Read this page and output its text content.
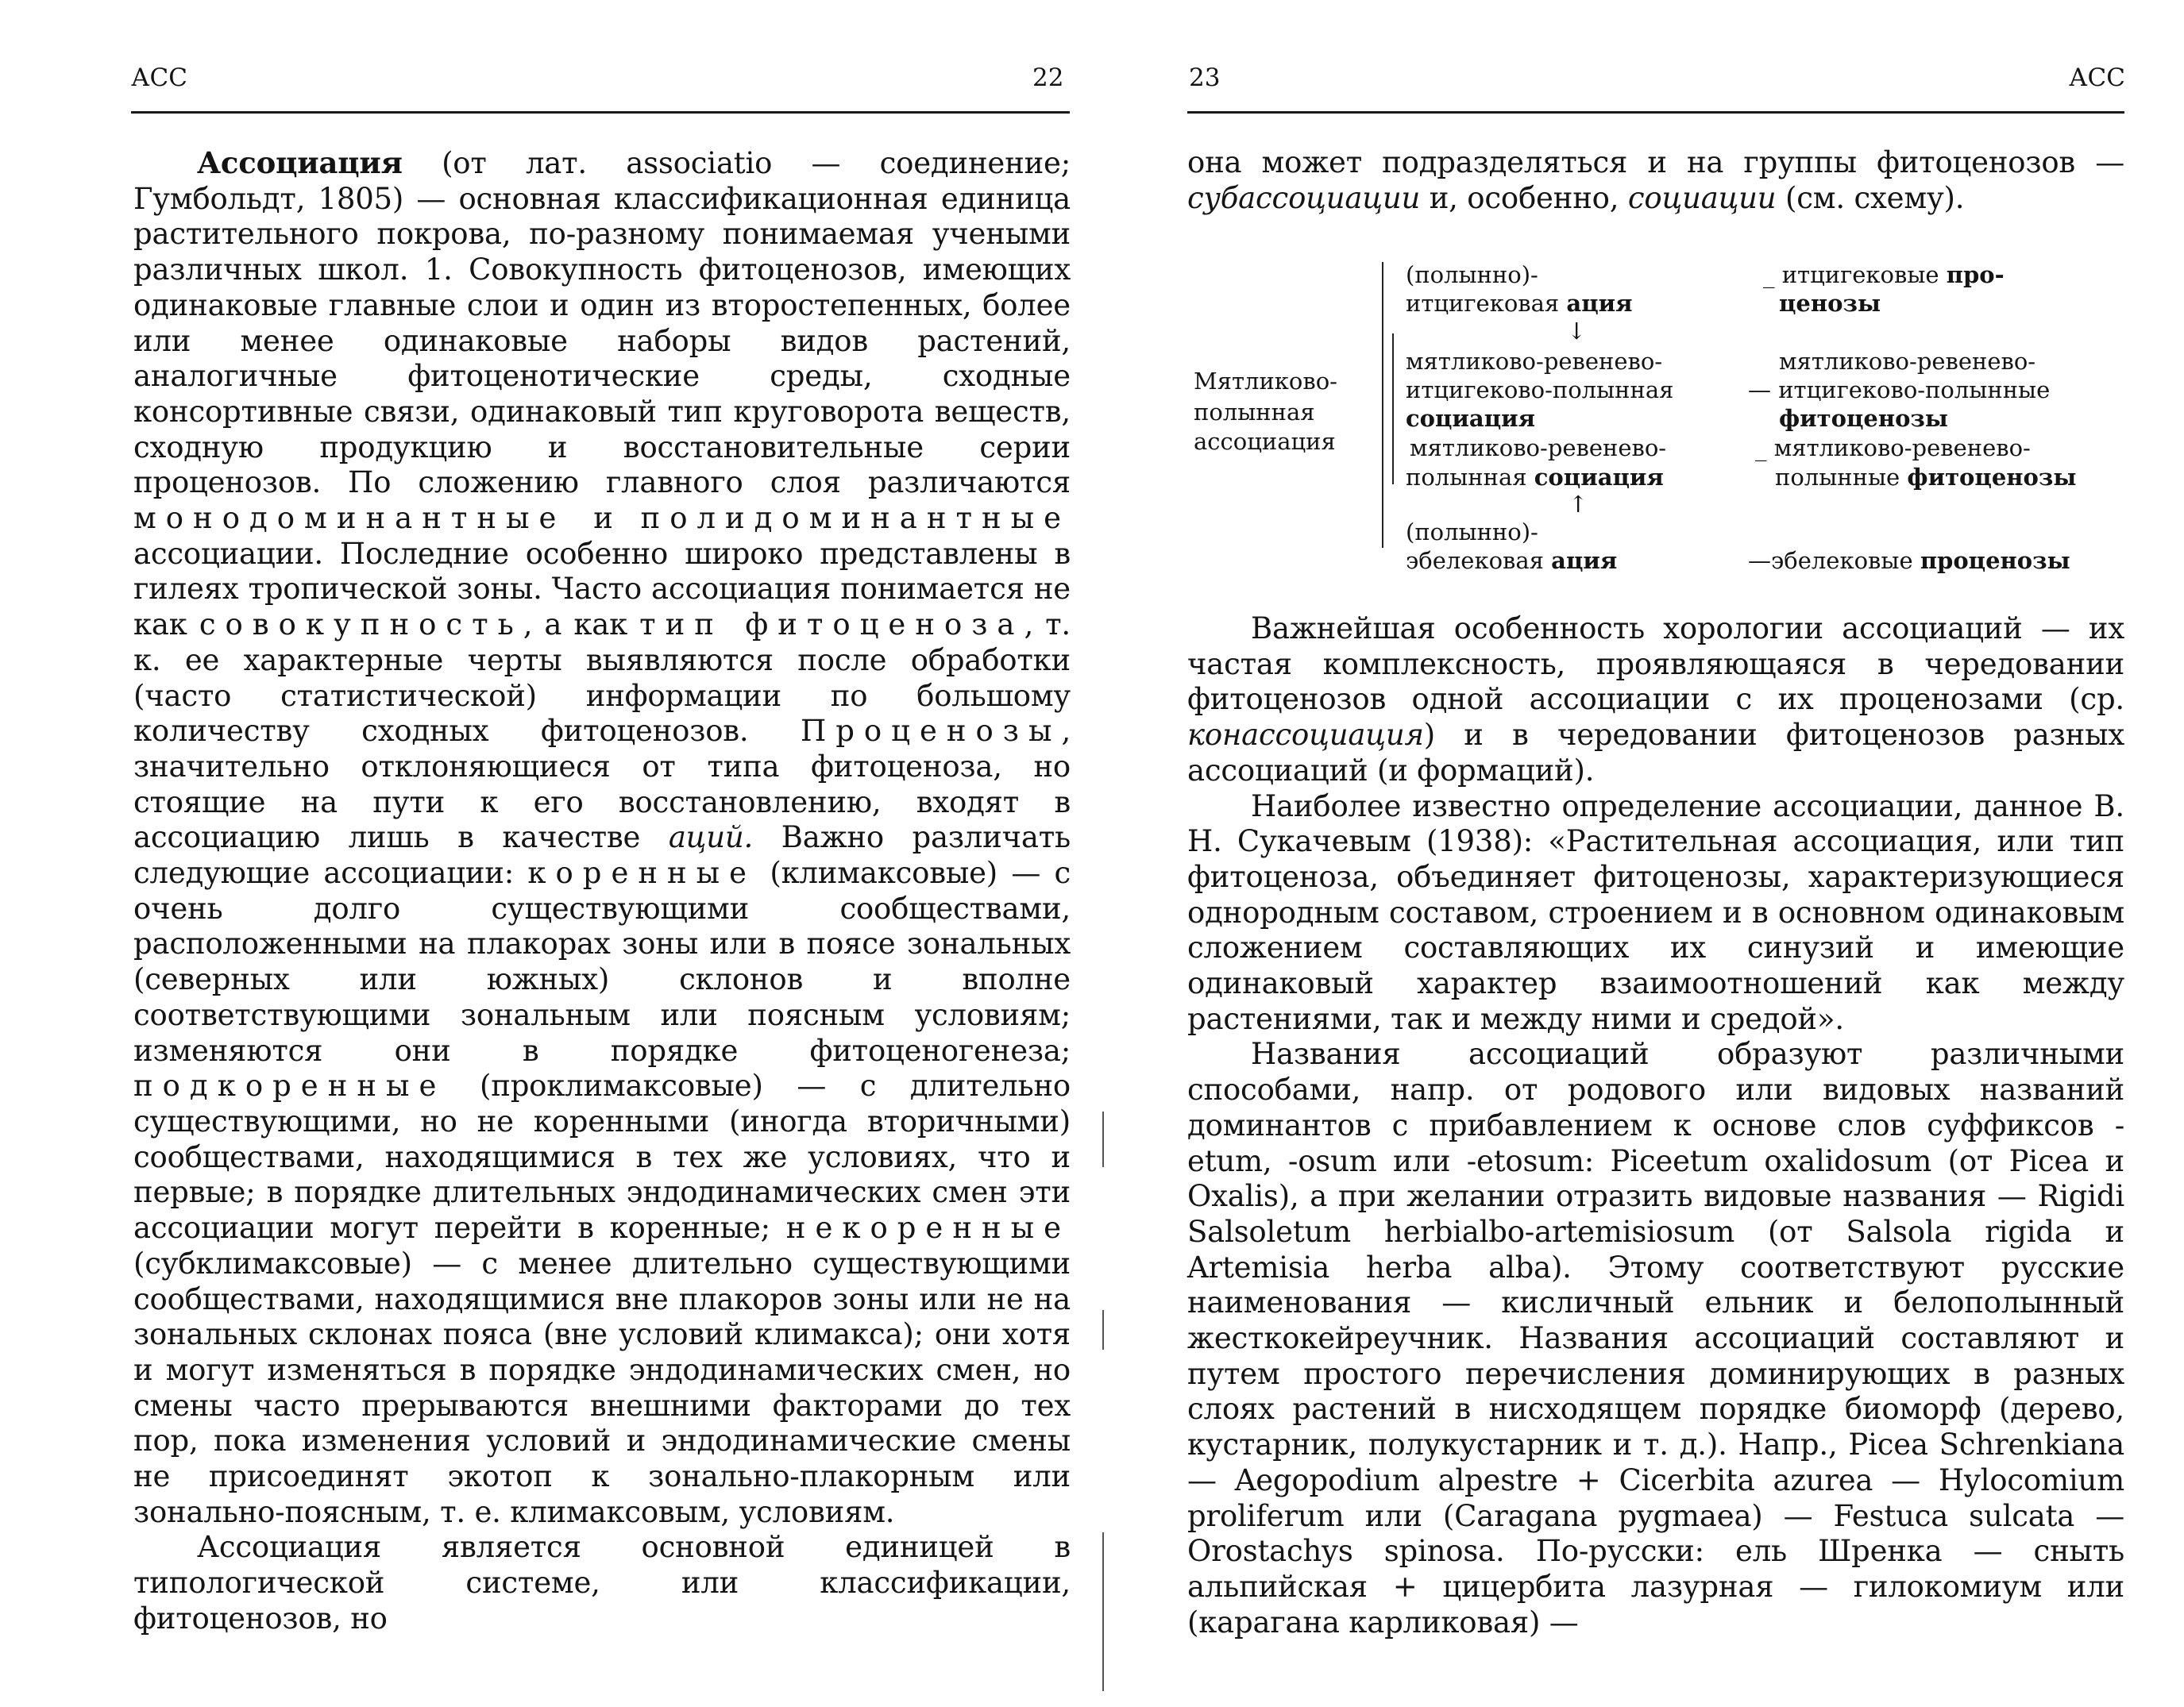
АСС	22

Ассоциация (от лат. associatio — соединение; Гумбольдт, 1805) — основная классификационная единица растительного покрова, по-разному понимаемая учеными различных школ. 1. Совокупность фитоценозов, имеющих одинаковые главные слои и один из второстепенных, более или менее одинаковые наборы видов растений, аналогичные фитоценотические среды, сходные консортивные связи, одинаковый тип круговорота веществ, сходную продукцию и восстановительные серии проценозов. По сложению главного слоя различаются монодоминантные и полидоминантные ассоциации. Последние особенно широко представлены в гилеях тропической зоны. Часто ассоциация понимается не как совокупность, а как тип фитоценоза, т. к. ее характерные черты выявляются после обработки (часто статистической) информации по большому количеству сходных фитоценозов. Проценозы, значительно отклоняющиеся от типа фитоценоза, но стоящие на пути к его восстановлению, входят в ассоциацию лишь в качестве аций. Важно различать следующие ассоциации: коренные (климаксовые) — с очень долго существующими сообществами, расположенными на плакорах зоны или в поясе зональных (северных или южных) склонов и вполне соответствующими зональным или поясным условиям; изменяются они в порядке фитоценогенеза; подкоренные (проклимаксовые) — с длительно существующими, но не коренными (иногда вторичными) сообществами, находящимися в тех же условиях, что и первые; в порядке длительных эндодинамических смен эти ассоциации могут перейти в коренные; некоренные (субклимаксовые) — с менее длительно существующими сообществами, находящимися вне плакоров зоны или не на зональных склонах пояса (вне условий климакса); они хотя и могут изменяться в порядке эндодинамических смен, но смены часто прерываются внешними факторами до тех пор, пока изменения условий и эндодинамические смены не присоединят экотоп к зонально-плакорным или зонально-поясным, т. е. климаксовым, условиям.

Ассоциация является основной единицей в типологической системе, или классификации, фитоценозов, но

23	АСС

она может подразделяться и на группы фитоценозов — субассоциации и, особенно, социации (см. схему).

Мятликово-
полынная
ассоциация
(полынно)-
итцигековая ация
↓
мятликово-ревенево-
итцигеково-полынная
социация
мятликово-ревенево-
полынная социация
↑
(полынно)-
эбелековая ация
_ итцигековые про-
ценозы
мятликово-ревенево-
— итцигеково-полынные
фитоценозы
_ мятликово-ревенево-
полынные фитоценозы
—эбелековые проценозы

Важнейшая особенность хорологии ассоциаций — их частая комплексность, проявляющаяся в чередовании фитоценозов одной ассоциации с их проценозами (ср. конассоциация) и в чередовании фитоценозов разных ассоциаций (и формаций).

Наиболее известно определение ассоциации, данное В. Н. Сукачевым (1938): «Растительная ассоциация, или тип фитоценоза, объединяет фитоценозы, характеризующиеся однородным составом, строением и в основном одинаковым сложением составляющих их синузий и имеющие одинаковый характер взаимоотношений как между растениями, так и между ними и средой».

Названия ассоциаций образуют различными способами, напр. от родового или видовых названий доминантов с прибавлением к основе слов суффиксов -etum, -osum или -etosum: Piceetum oxalidosum (от Picea и Oxalis), а при желании отразить видовые названия — Rigidi Salsoletum herbialbo-artemisiosum (от Salsola rigida и Artemisia herba alba). Этому соответствуют русские наименования — кисличный ельник и белополынный жесткокейреучник. Названия ассоциаций составляют и путем простого перечисления доминирующих в разных слоях растений в нисходящем порядке биоморф (дерево, кустарник, полукустарник и т. д.). Напр., Picea Schrenkiana — Aegopodium alpestre + Cicerbita azurea — Hylocomium proliferum или (Caragana pygmaea) — Festuca sulcata — Orostachys spinosa. По-русски: ель Шренка — сныть альпийская + цицербита лазурная — гилокомиум или (карагана карликовая) —
